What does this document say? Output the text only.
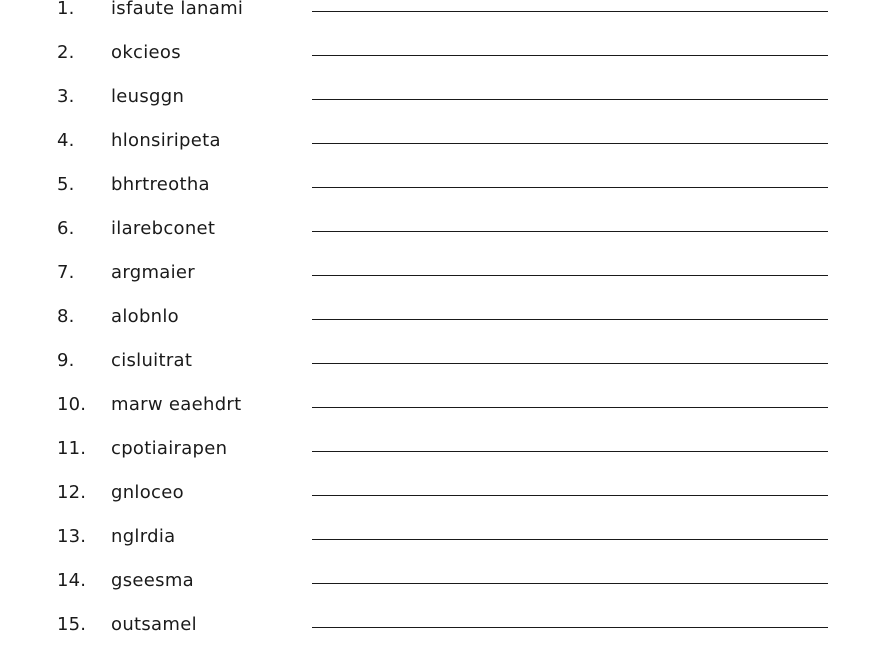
1. isfaute lanami
2. okcieos
3. leusggn
4. hlonsiripeta
5. bhrtreotha
6. ilarebconet
7. argmaier
8. alobnlo
9. cisluitrat
10. marw eaehdrt
11. cpotiairapen
12. gnloceo
13. nglrdia
14. gseesma
15. outsamel
